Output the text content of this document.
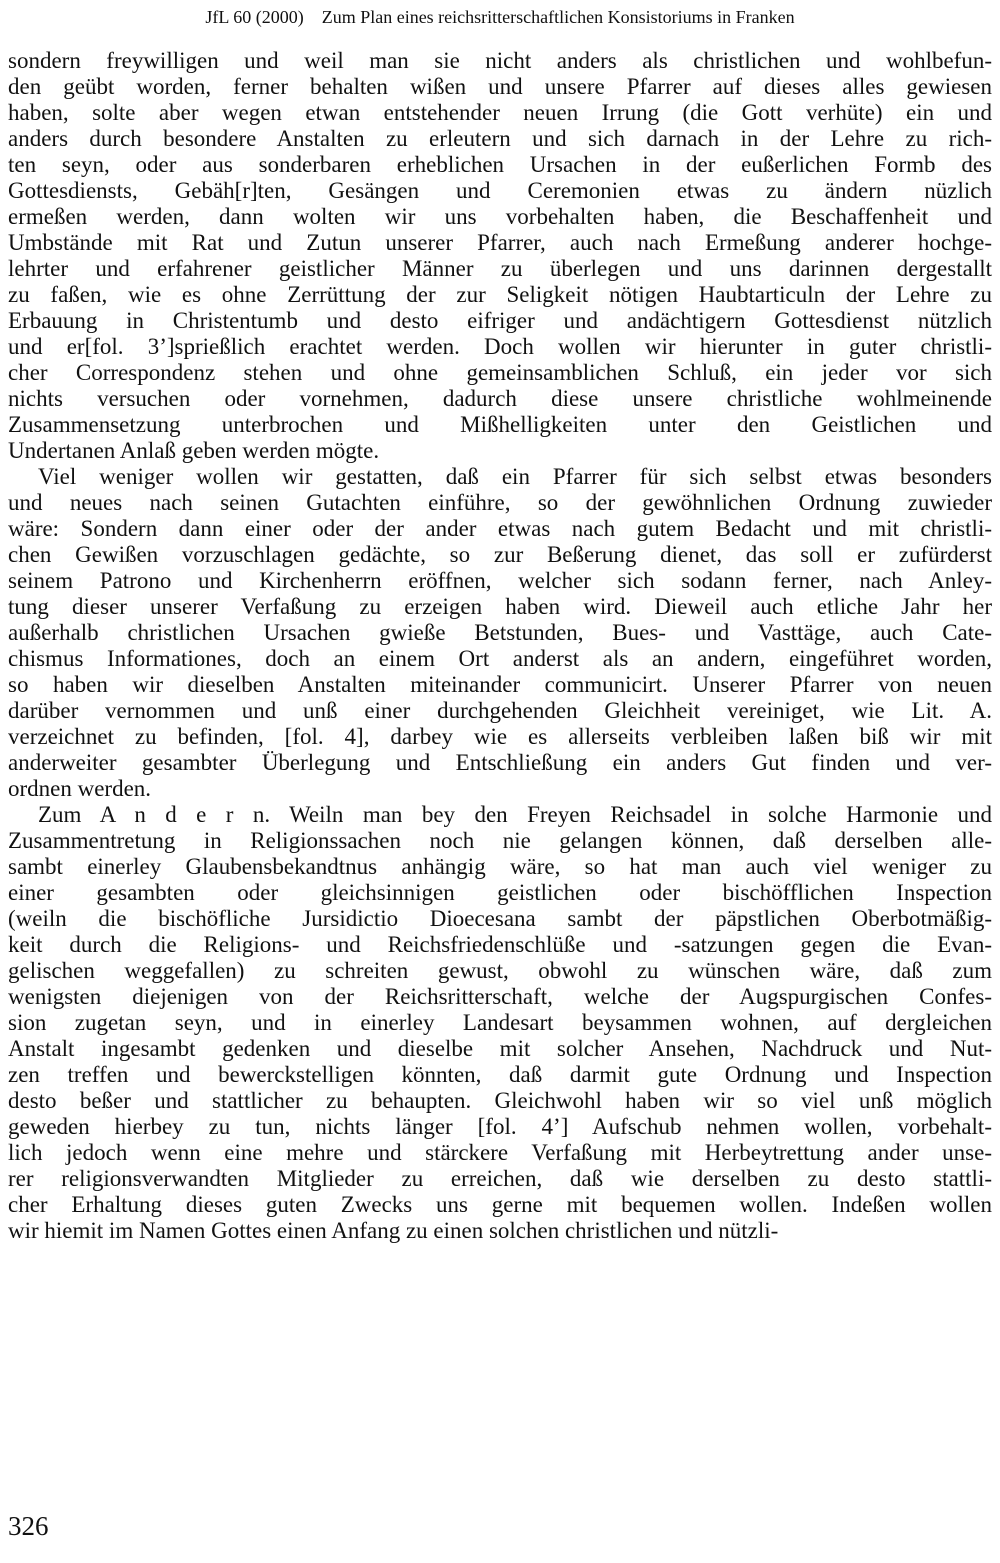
JfL 60 (2000) Zum Plan eines reichsritterschaftlichen Konsistoriums in Franken
sondern freywilligen und weil man sie nicht anders als christlichen und wohlbefun-
den geübt worden, ferner behalten wißen und unsere Pfarrer auf dieses alles gewiesen
haben, solte aber wegen etwan entstehender neuen Irrung (die Gott verhüte) ein und
anders durch besondere Anstalten zu erleutern und sich darnach in der Lehre zu rich-
ten seyn, oder aus sonderbaren erheblichen Ursachen in der eußerlichen Formb des
Gottesdiensts, Gebäh[r]ten, Gesängen und Ceremonien etwas zu ändern nüzlich
ermeßen werden, dann wolten wir uns vorbehalten haben, die Beschaffenheit und
Umbstände mit Rat und Zutun unserer Pfarrer, auch nach Ermeßung anderer hochge-
lehrter und erfahrener geistlicher Männer zu überlegen und uns darinnen dergestallt
zu faßen, wie es ohne Zerrüttung der zur Seligkeit nötigen Haubtarticuln der Lehre zu
Erbauung in Christentumb und desto eifriger und andächtigern Gottesdienst nützlich
und er[fol. 3’]sprießlich erachtet werden. Doch wollen wir hierunter in guter christli-
cher Correspondenz stehen und ohne gemeinsamblichen Schluß, ein jeder vor sich
nichts versuchen oder vornehmen, dadurch diese unsere christliche wohlmeinende
Zusammensetzung unterbrochen und Mißhelligkeiten unter den Geistlichen und
Undertanen Anlaß geben werden mögte.
Viel weniger wollen wir gestatten, daß ein Pfarrer für sich selbst etwas besonders
und neues nach seinen Gutachten einführe, so der gewöhnlichen Ordnung zuwieder
wäre: Sondern dann einer oder der ander etwas nach gutem Bedacht und mit christli-
chen Gewißen vorzuschlagen gedächte, so zur Beßerung dienet, das soll er zufürderst
seinem Patrono und Kirchenherrn eröffnen, welcher sich sodann ferner, nach Anley-
tung dieser unserer Verfaßung zu erzeigen haben wird. Dieweil auch etliche Jahr her
außerhalb christlichen Ursachen gwieße Betstunden, Bues- und Vasttäge, auch Cate-
chismus Informationes, doch an einem Ort anderst als an andern, eingeführet worden,
so haben wir dieselben Anstalten miteinander communicirt. Unserer Pfarrer von neuen
darüber vernommen und unß einer durchgehenden Gleichheit vereiniget, wie Lit. A.
verzeichnet zu befinden, [fol. 4], darbey wie es allerseits verbleiben laßen biß wir mit
anderweiter gesambter Überlegung und Entschließung ein anders Gut finden und ver-
ordnen werden.
Zum A n d e r n. Weiln man bey den Freyen Reichsadel in solche Harmonie und
Zusammentretung in Religionssachen noch nie gelangen können, daß derselben alle-
sambt einerley Glaubensbekandtnus anhängig wäre, so hat man auch viel weniger zu
einer gesambten oder gleichsinnigen geistlichen oder bischöfflichen Inspection
(weiln die bischöfliche Jursidictio Dioecesana sambt der päpstlichen Oberbotmäßig-
keit durch die Religions- und Reichsfriedenschlüße und -satzungen gegen die Evan-
gelischen weggefallen) zu schreiten gewust, obwohl zu wünschen wäre, daß zum
wenigsten diejenigen von der Reichsritterschaft, welche der Augspurgischen Confes-
sion zugetan seyn, und in einerley Landesart beysammen wohnen, auf dergleichen
Anstalt ingesambt gedenken und dieselbe mit solcher Ansehen, Nachdruck und Nut-
zen treffen und bewerckstelligen könnten, daß darmit gute Ordnung und Inspection
desto beßer und stattlicher zu behaupten. Gleichwohl haben wir so viel unß möglich
geweden hierbey zu tun, nichts länger [fol. 4’] Aufschub nehmen wollen, vorbehalt-
lich jedoch wenn eine mehre und stärckere Verfaßung mit Herbeytrettung ander unse-
rer religionsverwandten Mitglieder zu erreichen, daß wie derselben zu desto stattli-
cher Erhaltung dieses guten Zwecks uns gerne mit bequemen wollen. Indeßen wollen
wir hiemit im Namen Gottes einen Anfang zu einen solchen christlichen und nützli-
326
